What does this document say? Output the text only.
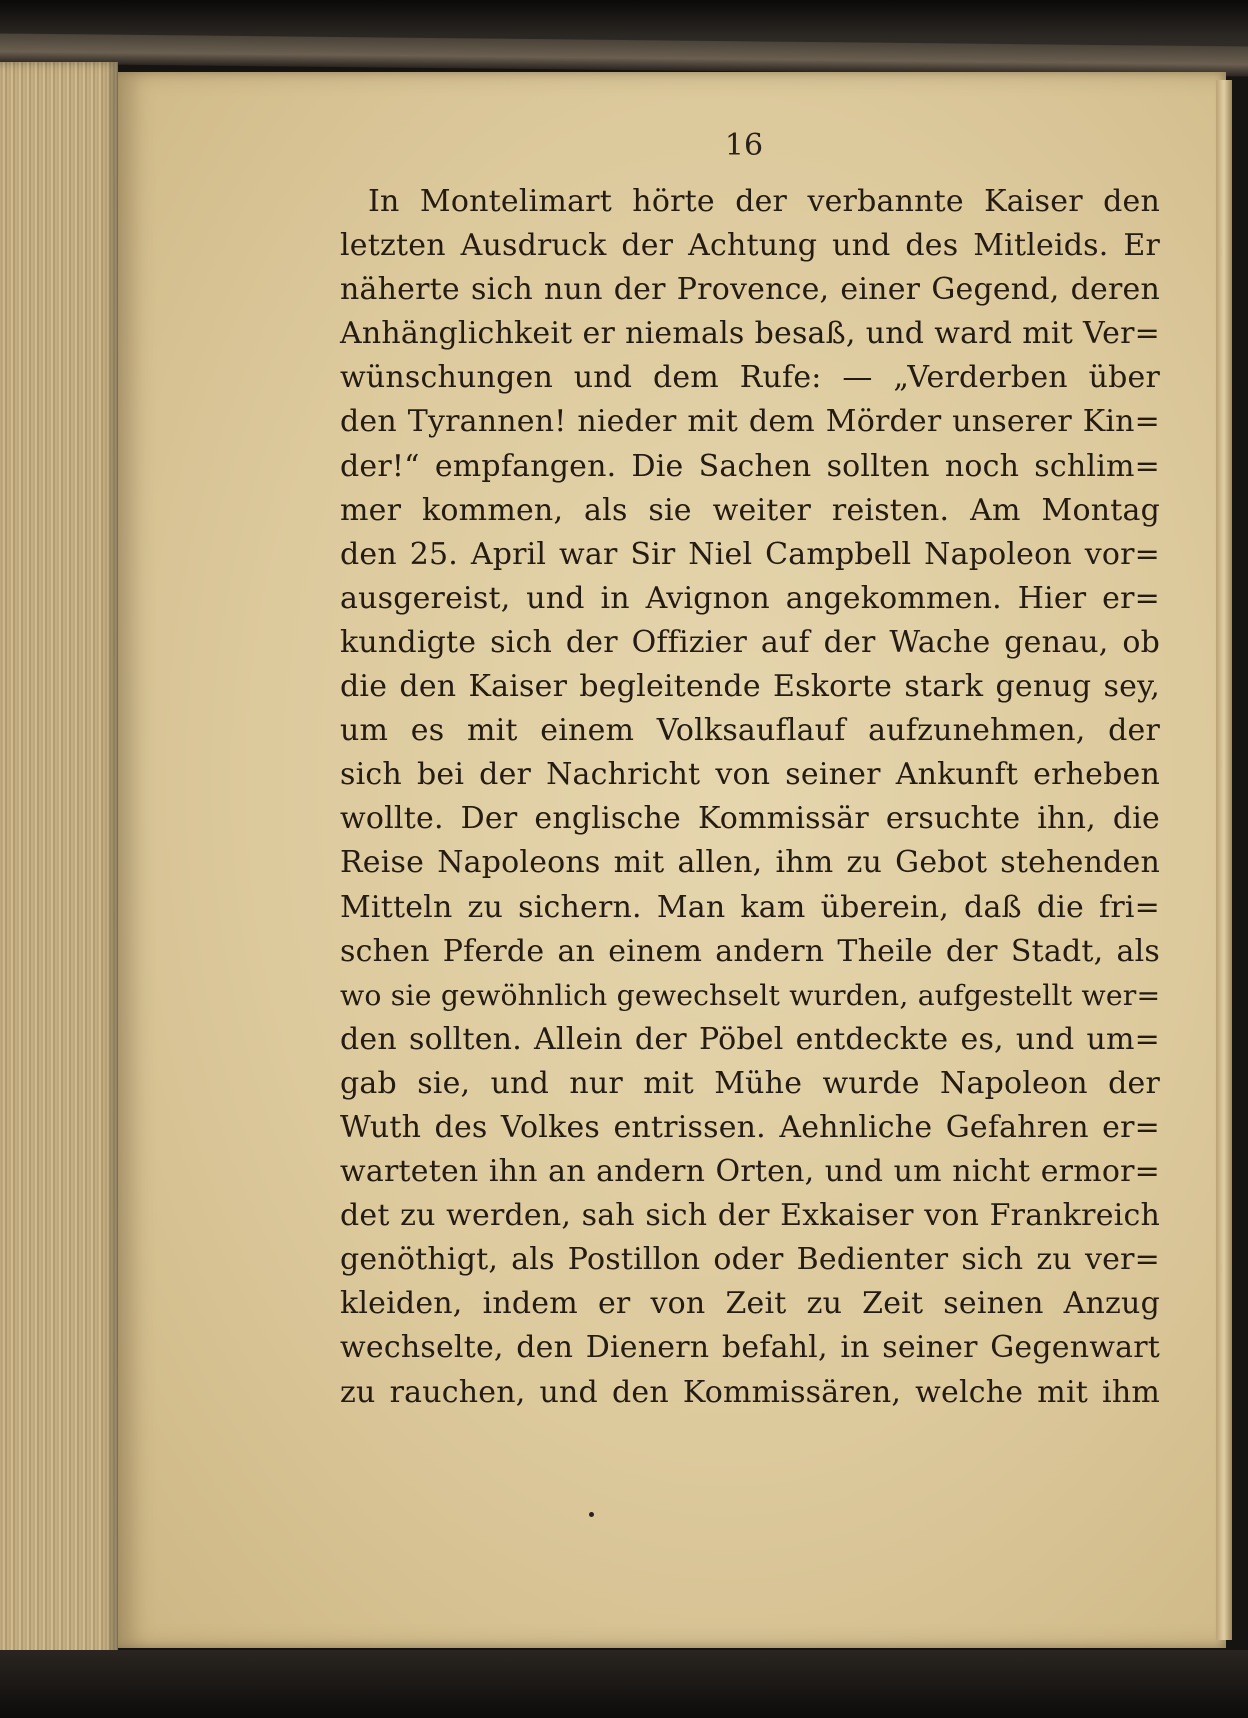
16
In Montelimart hörte der verbannte Kaiser den
letzten Ausdruck der Achtung und des Mitleids. Er
näherte sich nun der Provence, einer Gegend, deren
Anhänglichkeit er niemals besaß, und ward mit Ver=
wünschungen und dem Rufe: — „Verderben über
den Tyrannen! nieder mit dem Mörder unserer Kin=
der!“ empfangen. Die Sachen sollten noch schlim=
mer kommen, als sie weiter reisten. Am Montag
den 25. April war Sir Niel Campbell Napoleon vor=
ausgereist, und in Avignon angekommen. Hier er=
kundigte sich der Offizier auf der Wache genau, ob
die den Kaiser begleitende Eskorte stark genug sey,
um es mit einem Volksauflauf aufzunehmen, der
sich bei der Nachricht von seiner Ankunft erheben
wollte. Der englische Kommissär ersuchte ihn, die
Reise Napoleons mit allen, ihm zu Gebot stehenden
Mitteln zu sichern. Man kam überein, daß die fri=
schen Pferde an einem andern Theile der Stadt, als
wo sie gewöhnlich gewechselt wurden, aufgestellt wer=
den sollten. Allein der Pöbel entdeckte es, und um=
gab sie, und nur mit Mühe wurde Napoleon der
Wuth des Volkes entrissen. Aehnliche Gefahren er=
warteten ihn an andern Orten, und um nicht ermor=
det zu werden, sah sich der Exkaiser von Frankreich
genöthigt, als Postillon oder Bedienter sich zu ver=
kleiden, indem er von Zeit zu Zeit seinen Anzug
wechselte, den Dienern befahl, in seiner Gegenwart
zu rauchen, und den Kommissären, welche mit ihm
